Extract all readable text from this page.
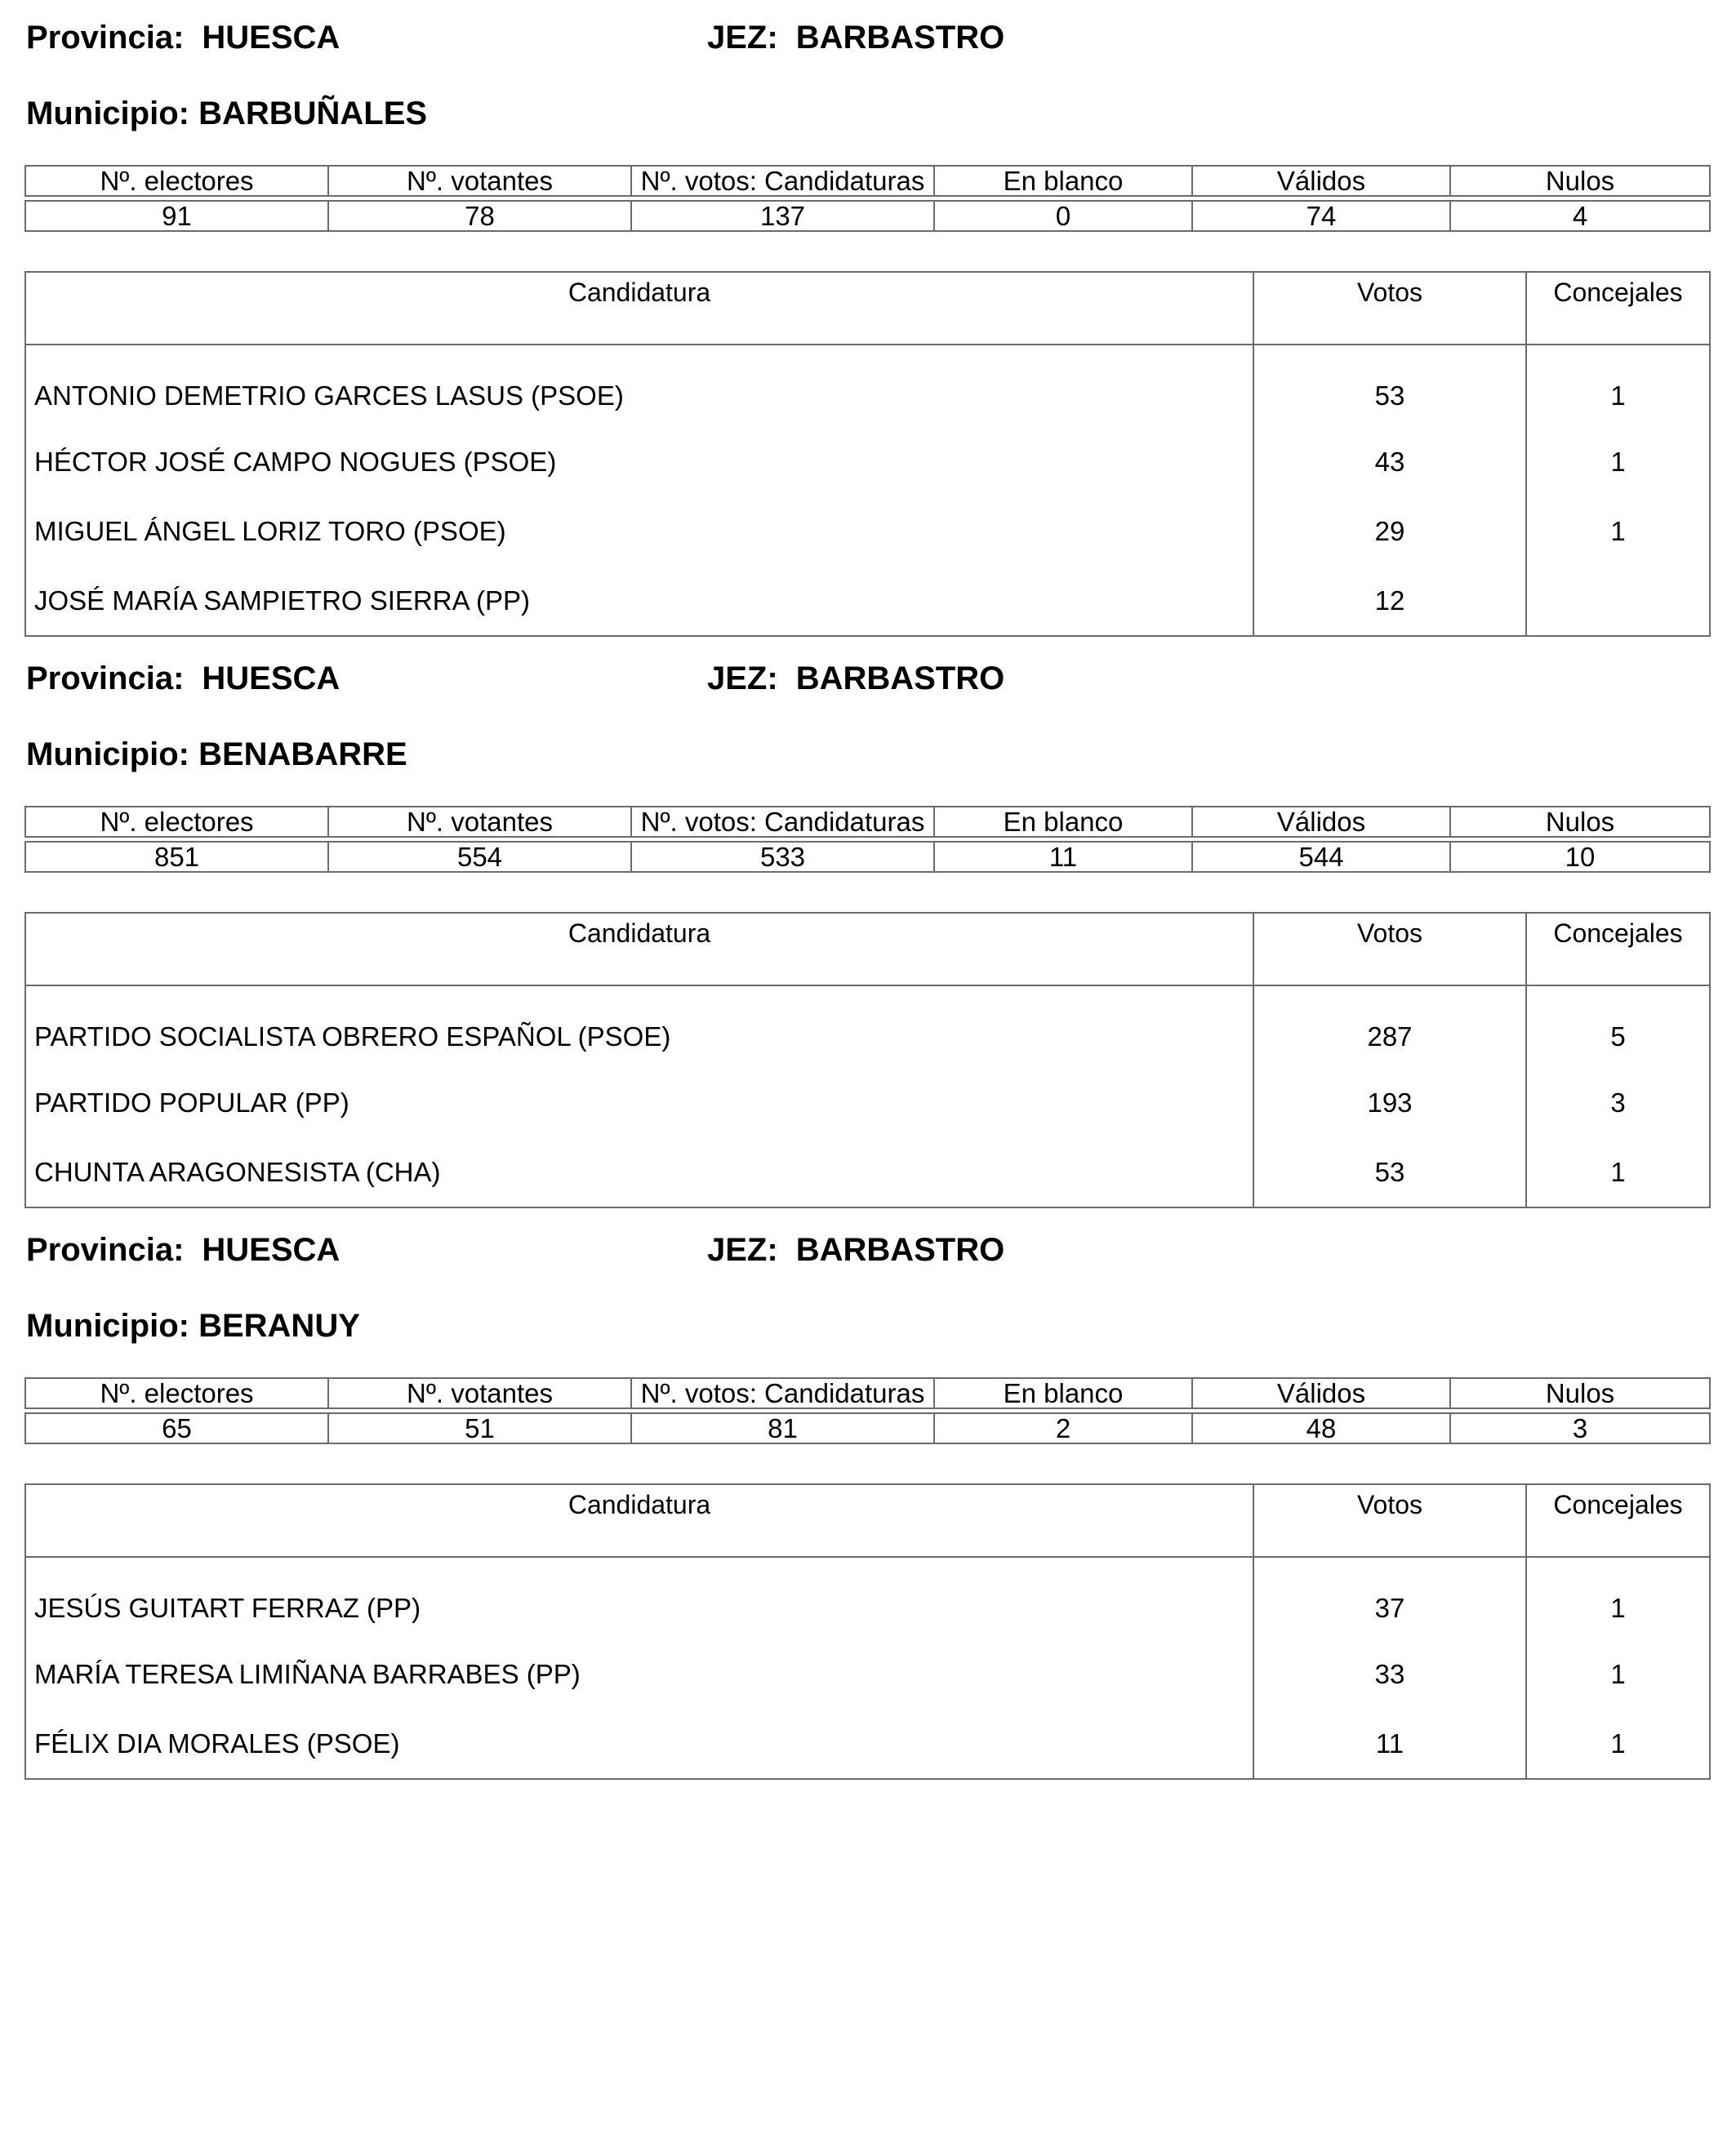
Provincia: HUESCA	JEZ: BARBASTRO
Municipio: BARBUÑALES
Nº. electores	Nº. votantes	Nº. votos: Candidaturas	En blanco	Válidos	Nulos
91	78	137	0	74	4
Candidatura	Votos	Concejales
ANTONIO DEMETRIO GARCES LASUS (PSOE)	53	1
HÉCTOR JOSÉ CAMPO NOGUES (PSOE)	43	1
MIGUEL ÁNGEL LORIZ TORO (PSOE)	29	1
JOSÉ MARÍA SAMPIETRO SIERRA (PP)	12	
Provincia: HUESCA	JEZ: BARBASTRO
Municipio: BENABARRE
Nº. electores	Nº. votantes	Nº. votos: Candidaturas	En blanco	Válidos	Nulos
851	554	533	11	544	10
Candidatura	Votos	Concejales
PARTIDO SOCIALISTA OBRERO ESPAÑOL (PSOE)	287	5
PARTIDO POPULAR (PP)	193	3
CHUNTA ARAGONESISTA (CHA)	53	1
Provincia: HUESCA	JEZ: BARBASTRO
Municipio: BERANUY
Nº. electores	Nº. votantes	Nº. votos: Candidaturas	En blanco	Válidos	Nulos
65	51	81	2	48	3
Candidatura	Votos	Concejales
JESÚS GUITART FERRAZ (PP)	37	1
MARÍA TERESA LIMIÑANA BARRABES (PP)	33	1
FÉLIX DIA MORALES (PSOE)	11	1
